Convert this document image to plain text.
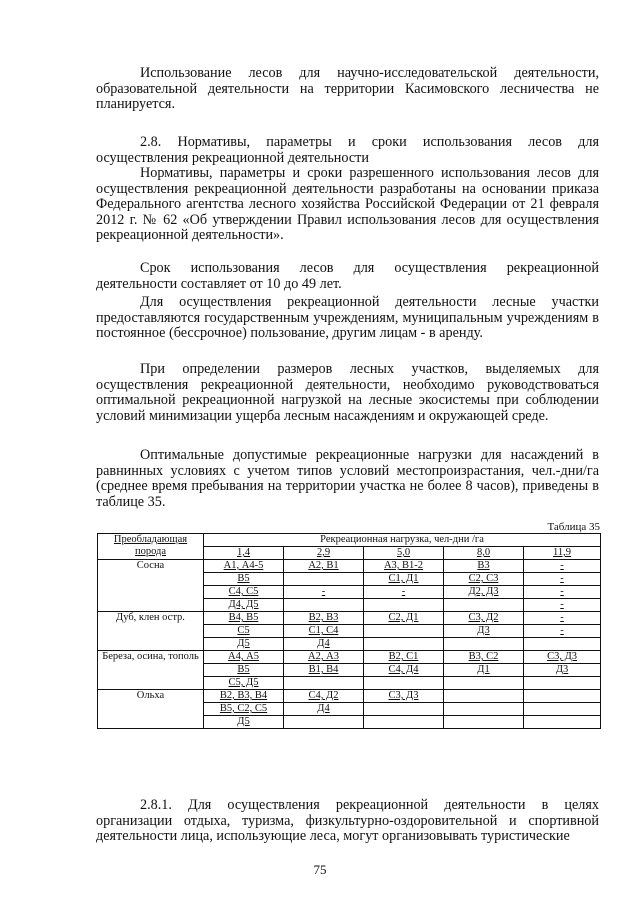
Использование лесов для научно-исследовательской деятельности, образовательной деятельности на территории Касимовского лесничества не планируется.
2.8. Нормативы, параметры и сроки использования лесов для осуществления рекреационной деятельности
Нормативы, параметры и сроки разрешенного использования лесов для осуществления рекреационной деятельности разработаны на основании приказа Федерального агентства лесного хозяйства Российской Федерации от 21 февраля 2012 г. № 62 «Об утверждении Правил использования лесов для осуществления рекреационной деятельности».
Срок использования лесов для осуществления рекреационной деятельности составляет от 10 до 49 лет.
Для осуществления рекреационной деятельности лесные участки предоставляются государственным учреждениям, муниципальным учреждениям в постоянное (бессрочное) пользование, другим лицам - в аренду.
При определении размеров лесных участков, выделяемых для осуществления рекреационной деятельности, необходимо руководствоваться оптимальной рекреационной нагрузкой на лесные экосистемы при соблюдении условий минимизации ущерба лесным насаждениям и окружающей среде.
Оптимальные допустимые рекреационные нагрузки для насаждений в равнинных условиях с учетом типов условий местопроизрастания, чел.-дни/га (среднее время пребывания на территории участка не более 8 часов), приведены в таблице 35.
Таблица 35
Преобладающая порода	Рекреационная нагрузка, чел-дни /га				
	1,4	2,9	5,0	8,0	11,9
Сосна	А1, А4-5	А2, В1	А3, В1-2	В3	-
	В5		С1, Д1	С2, С3	-
	С4, С5	-	-	Д2, Д3	-
	Д4, Д5				-
Дуб, клен остр.	В4, В5	В2, В3	С2, Д1	С3, Д2	-
	С5	С1, С4		Д3	-
	Д5	Д4			
Береза, осина, тополь	А4, А5	А2, А3	В2, С1	В3, С2	С3, Д3
	В5	В1, В4	С4, Д4	Д1	Д3
	С5, Д5				
Ольха	В2, В3, В4	С4, Д2	С3, Д3		
	В5, С2, С5	Д4			
	Д5				
2.8.1. Для осуществления рекреационной деятельности в целях организации отдыха, туризма, физкультурно-оздоровительной и спортивной деятельности лица, использующие леса, могут организовывать туристические
75
